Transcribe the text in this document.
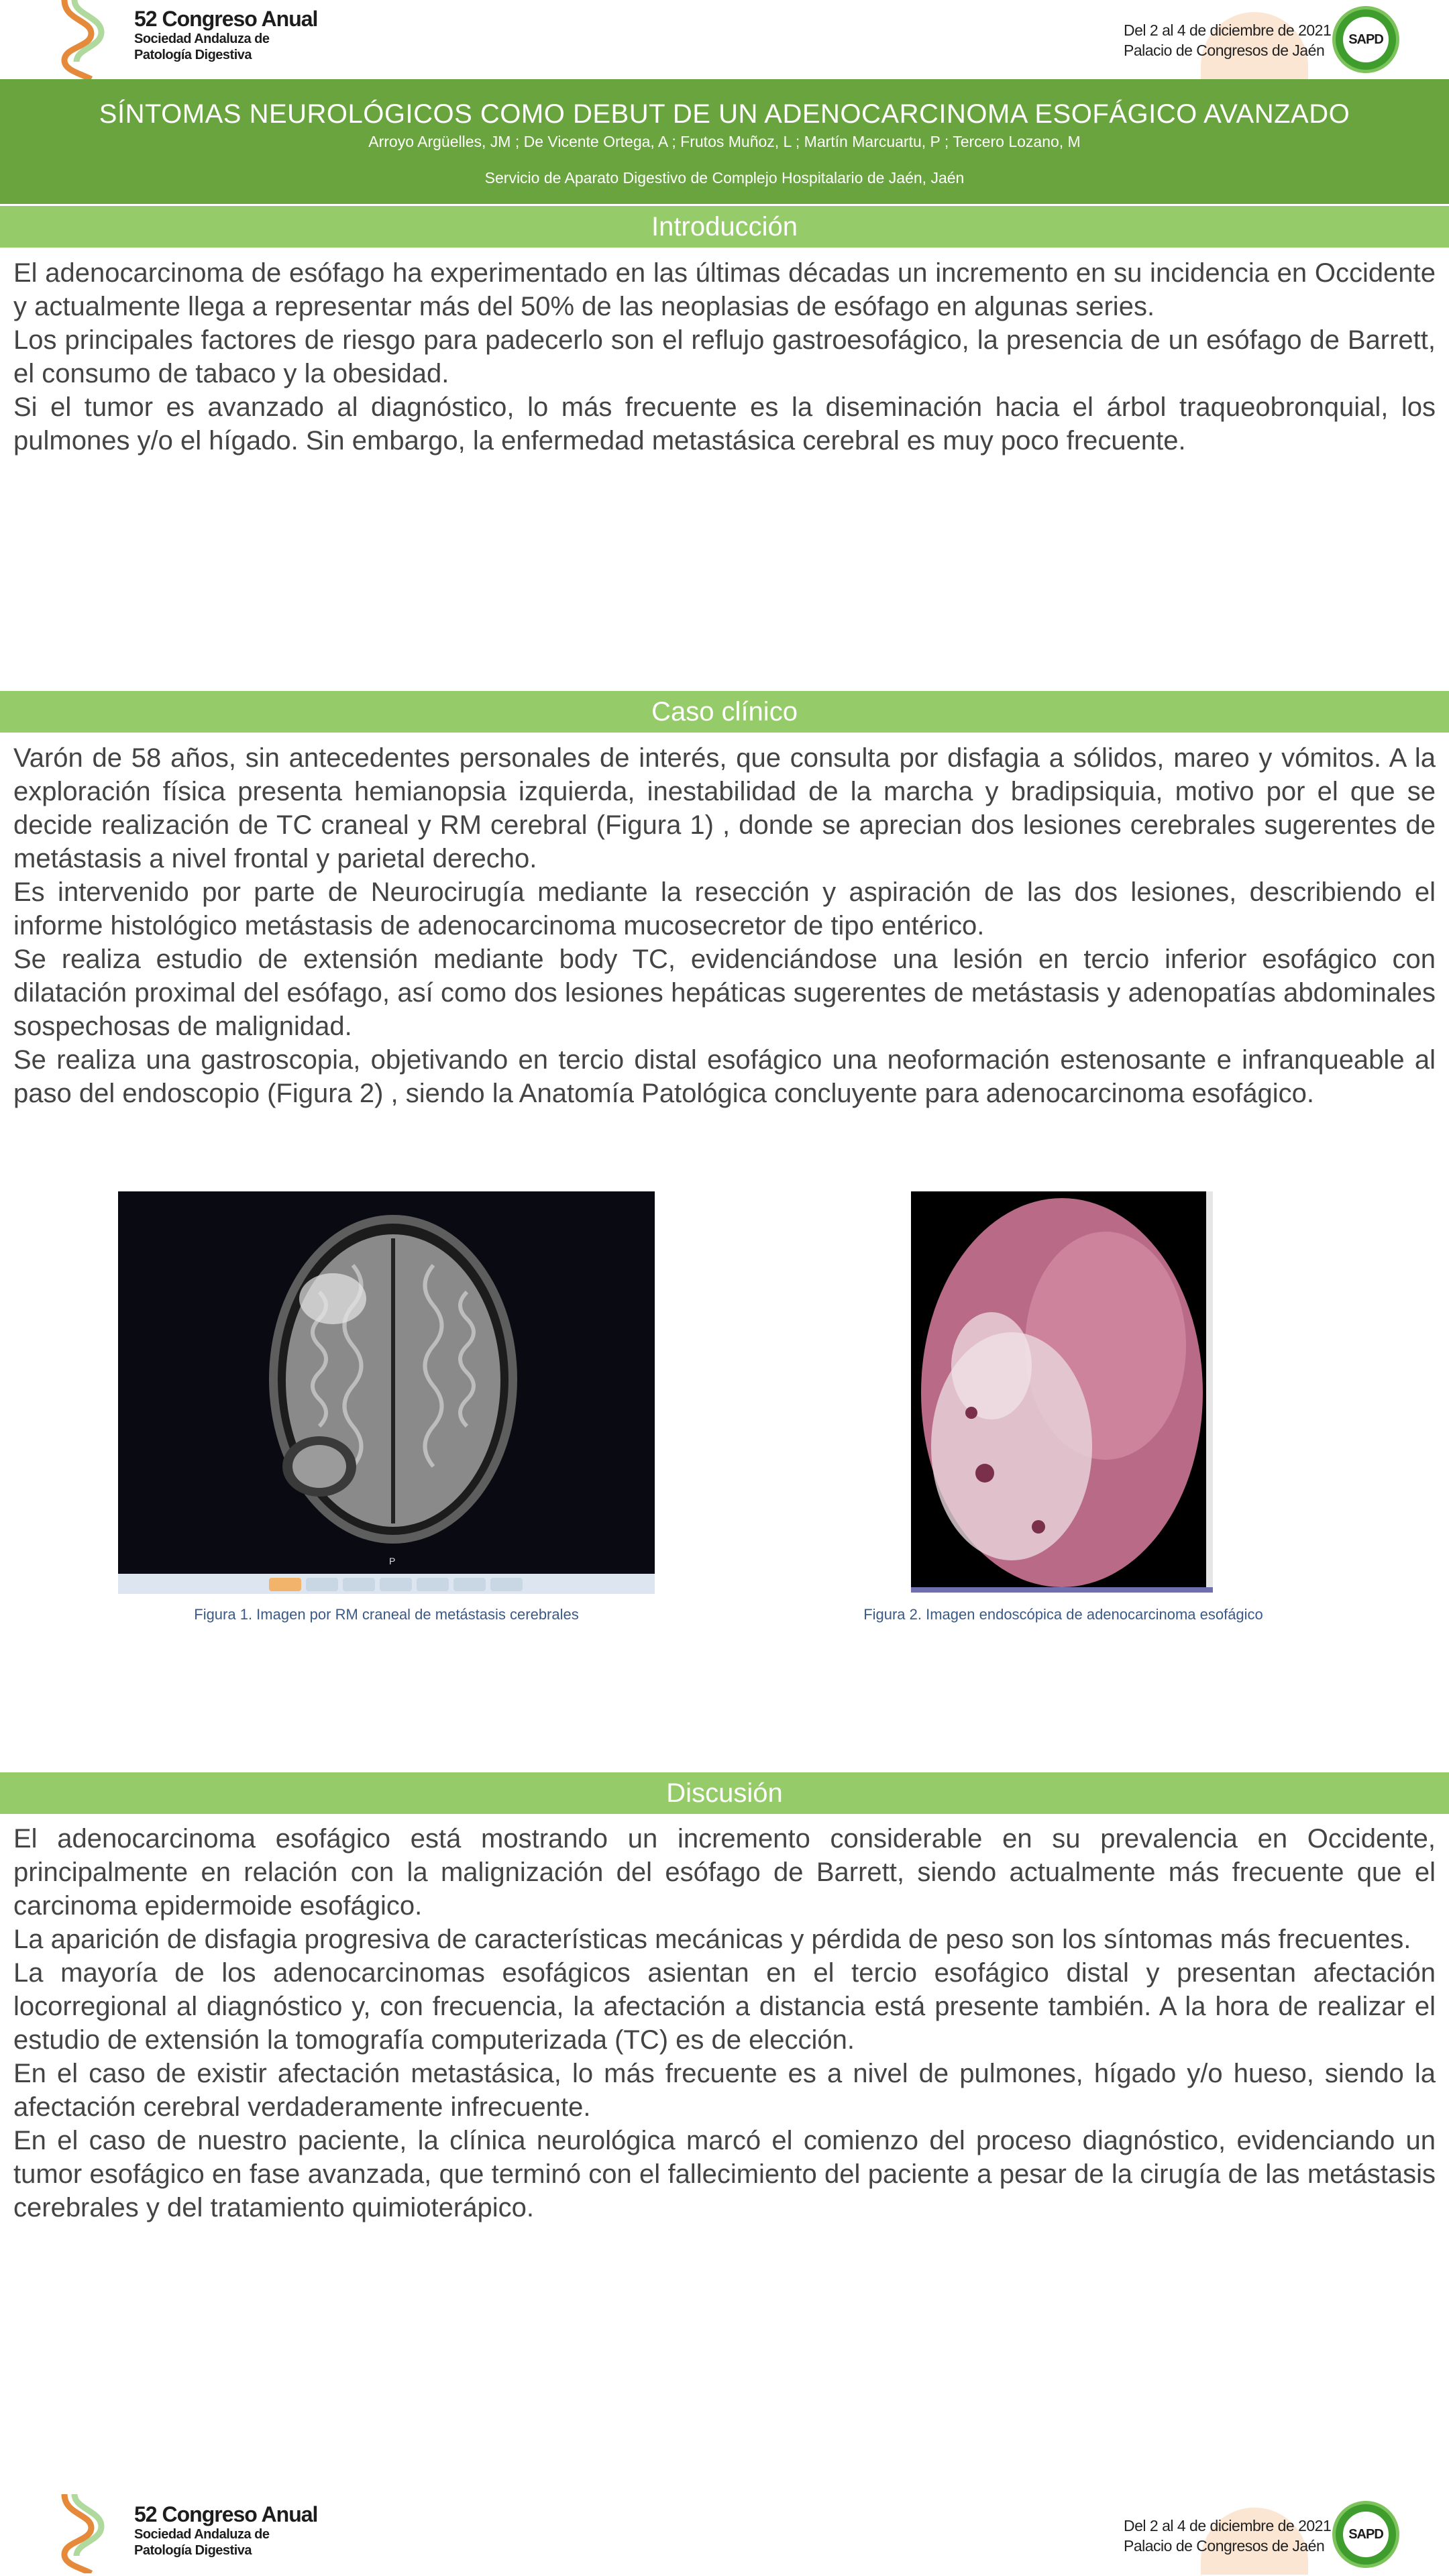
52 Congreso Anual
Sociedad Andaluza de
Patología Digestiva
Del 2 al 4 de diciembre de 2021
Palacio de Congresos de Jaén
SAPD
SÍNTOMAS NEUROLÓGICOS COMO DEBUT DE UN ADENOCARCINOMA ESOFÁGICO AVANZADO
Arroyo Argüelles, JM ; De Vicente Ortega, A ; Frutos Muñoz, L ; Martín Marcuartu, P ; Tercero Lozano, M
Servicio de Aparato Digestivo de Complejo Hospitalario de Jaén, Jaén
Introducción

El adenocarcinoma de esófago ha experimentado en las últimas décadas un incremento en su incidencia en Occidente y actualmente llega a representar más del 50% de las neoplasias de esófago en algunas series.

Los principales factores de riesgo para padecerlo son el reflujo gastroesofágico, la presencia de un esófago de Barrett, el consumo de tabaco y la obesidad.

Si el tumor es avanzado al diagnóstico, lo más frecuente es la diseminación hacia el árbol traqueobronquial, los pulmones y/o el hígado. Sin embargo, la enfermedad metastásica cerebral es muy poco frecuente.

Caso clínico

Varón de 58 años, sin antecedentes personales de interés, que consulta por disfagia a sólidos, mareo y vómitos. A la exploración física presenta hemianopsia izquierda, inestabilidad de la marcha y bradipsiquia, motivo por el que se decide realización de TC craneal y RM cerebral (Figura 1) , donde se aprecian dos lesiones cerebrales sugerentes de metástasis a nivel frontal y parietal derecho.

Es intervenido por parte de Neurocirugía mediante la resección y aspiración de las dos lesiones, describiendo el informe histológico metástasis de adenocarcinoma mucosecretor de tipo entérico.

Se realiza estudio de extensión mediante body TC, evidenciándose una lesión en tercio inferior esofágico con dilatación proximal del esófago, así como dos lesiones hepáticas sugerentes de metástasis y adenopatías abdominales sospechosas de malignidad.

Se realiza una gastroscopia, objetivando en tercio distal esofágico una neoformación estenosante e infranqueable al paso del endoscopio (Figura 2) , siendo la Anatomía Patológica concluyente para adenocarcinoma esofágico.

P
Figura 1. Imagen por RM craneal de metástasis cerebrales	Figura 2. Imagen endoscópica de adenocarcinoma esofágico
Discusión

El adenocarcinoma esofágico está mostrando un incremento considerable en su prevalencia en Occidente, principalmente en relación con la malignización del esófago de Barrett, siendo actualmente más frecuente que el carcinoma epidermoide esofágico.

La aparición de disfagia progresiva de características mecánicas y pérdida de peso son los síntomas más frecuentes.

La mayoría de los adenocarcinomas esofágicos asientan en el tercio esofágico distal y presentan afectación locorregional al diagnóstico y, con frecuencia, la afectación a distancia está presente también. A la hora de realizar el estudio de extensión la tomografía computerizada (TC) es de elección.

En el caso de existir afectación metastásica, lo más frecuente es a nivel de pulmones, hígado y/o hueso, siendo la afectación cerebral verdaderamente infrecuente.

En el caso de nuestro paciente, la clínica neurológica marcó el comienzo del proceso diagnóstico, evidenciando un tumor esofágico en fase avanzada, que terminó con el fallecimiento del paciente a pesar de la cirugía de las metástasis cerebrales y del tratamiento quimioterápico.

52 Congreso Anual
Sociedad Andaluza de
Patología Digestiva
Del 2 al 4 de diciembre de 2021
Palacio de Congresos de Jaén
SAPD
